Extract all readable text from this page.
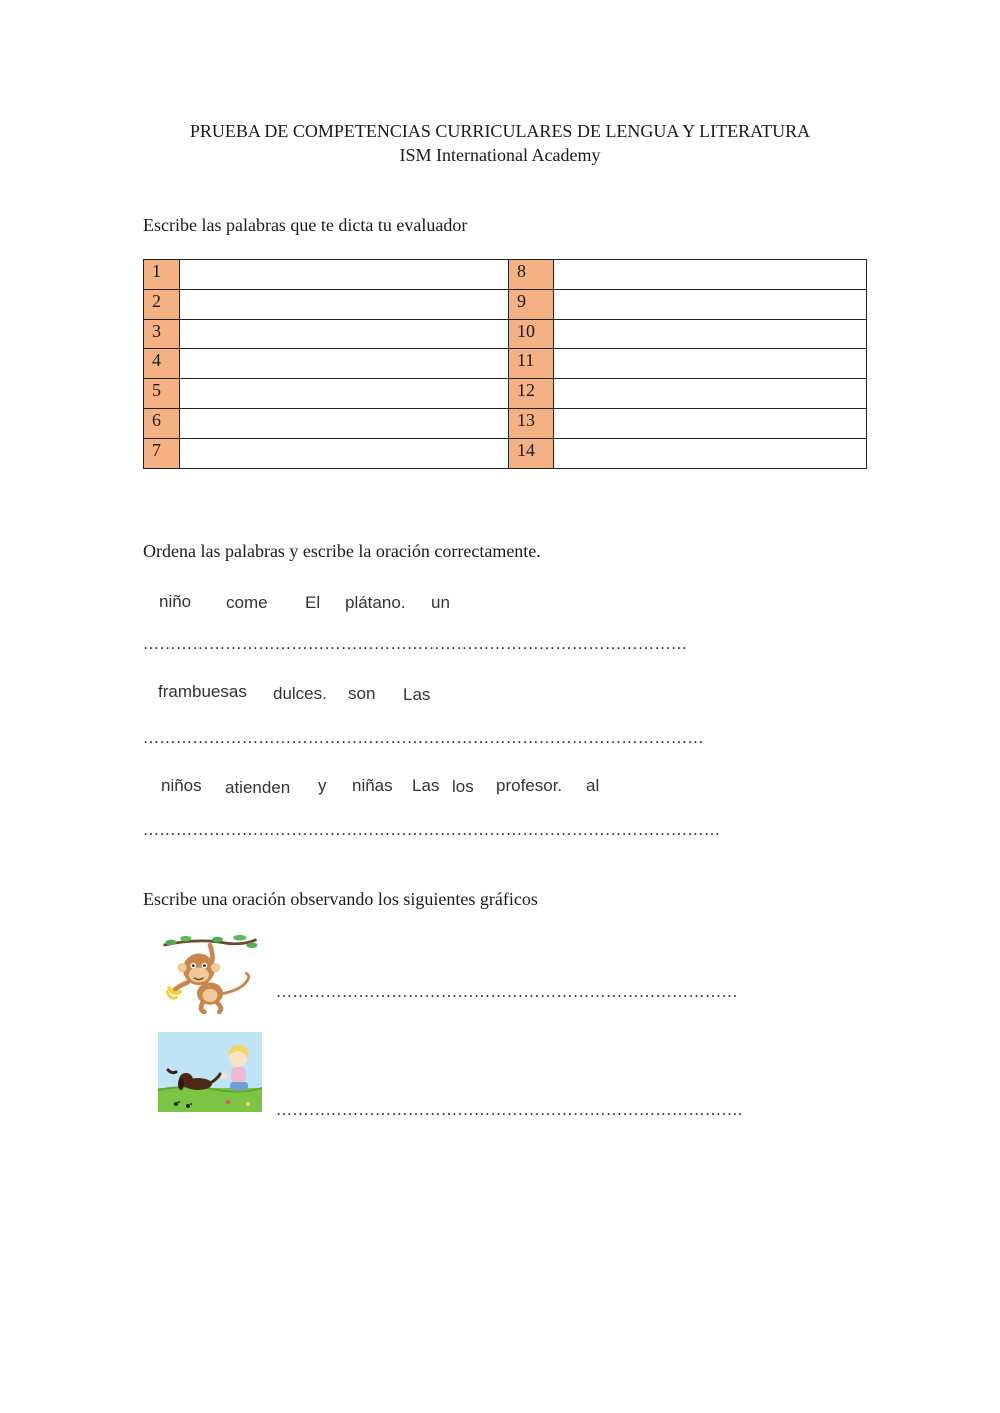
PRUEBA DE COMPETENCIAS CURRICULARES DE LENGUA Y LITERATURA
ISM International Academy
Escribe las palabras que te dicta tu evaluador
1		8	
2		9	
3		10	
4		11	
5		12	
6		13	
7		14	
Ordena las palabras y escribe la oración correctamente.
niño come El plátano. un
………………………………………………………………………………………
frambuesas dulces. son Las
…………………………………………………………………………………………
niños atienden y niñas Las los profesor. al
……………………………………………………………………………………………
Escribe una oración observando los siguientes gráficos
…………………………………………………………………………
………………………………………………………………………….
